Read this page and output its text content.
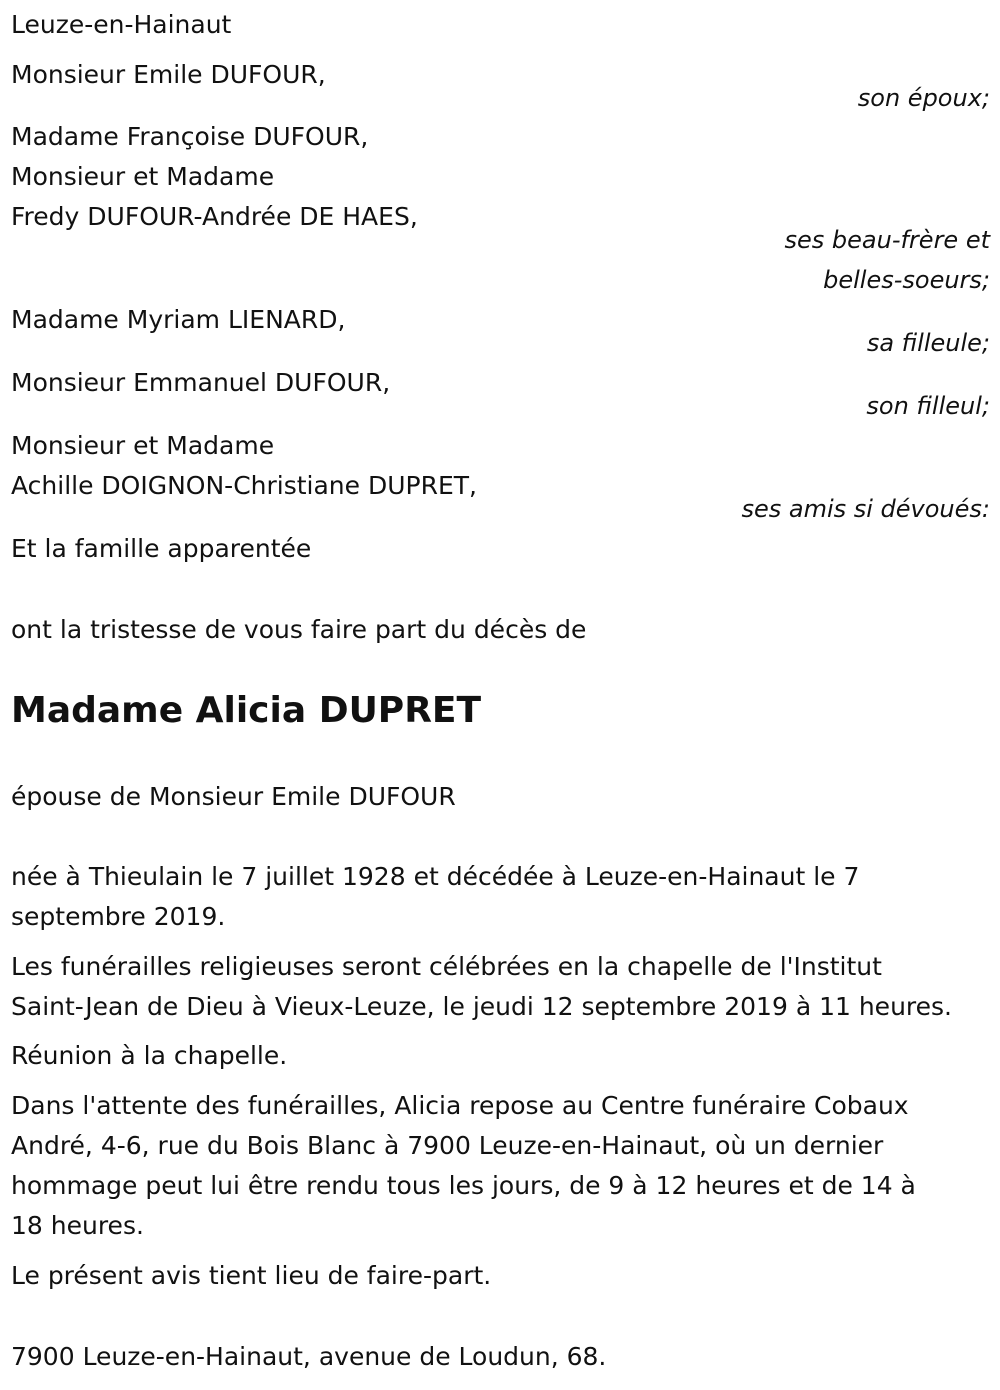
Leuze-en-Hainaut

Monsieur Emile DUFOUR,

son époux;

Madame Françoise DUFOUR,

Monsieur et Madame

Fredy DUFOUR-Andrée DE HAES,

ses beau-frère et

belles-soeurs;

Madame Myriam LIENARD,

sa filleule;

Monsieur Emmanuel DUFOUR,

son filleul;

Monsieur et Madame

Achille DOIGNON-Christiane DUPRET,

ses amis si dévoués:

Et la famille apparentée

ont la tristesse de vous faire part du décès de

Madame Alicia DUPRET

épouse de Monsieur Emile DUFOUR

née à Thieulain le 7 juillet 1928 et décédée à Leuze-en-Hainaut le 7

septembre 2019.

Les funérailles religieuses seront célébrées en la chapelle de l'Institut

Saint-Jean de Dieu à Vieux-Leuze, le jeudi 12 septembre 2019 à 11 heures.

Réunion à la chapelle.

Dans l'attente des funérailles, Alicia repose au Centre funéraire Cobaux

André, 4-6, rue du Bois Blanc à 7900 Leuze-en-Hainaut, où un dernier

hommage peut lui être rendu tous les jours, de 9 à 12 heures et de 14 à

18 heures.

Le présent avis tient lieu de faire-part.

7900 Leuze-en-Hainaut, avenue de Loudun, 68.
